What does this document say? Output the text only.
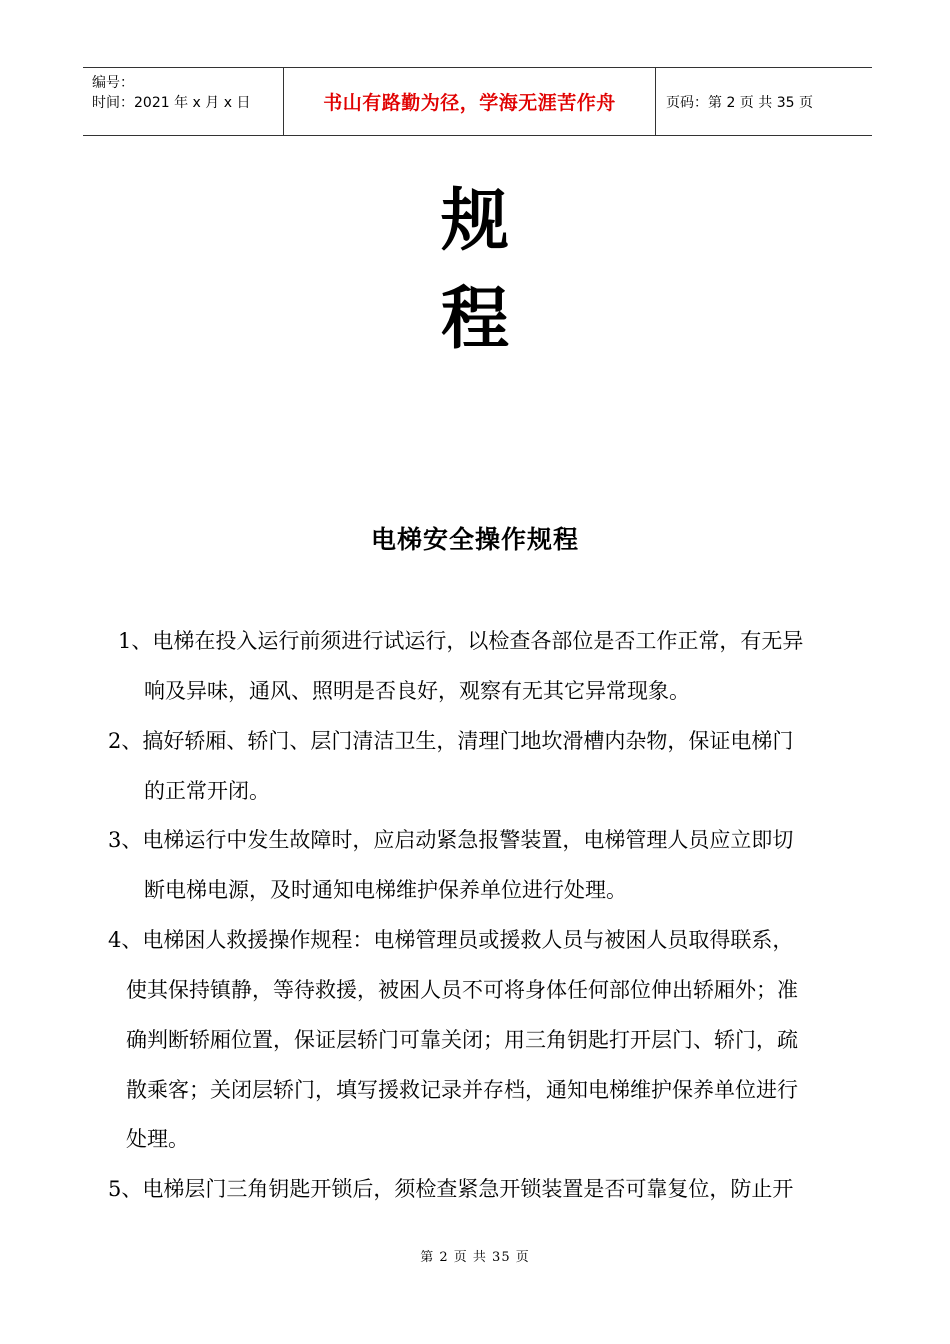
编号：
时间：2021 年 x 月 x 日	书山有路勤为径，学海无涯苦作舟	页码：第 2 页 共 35 页
规
程
电梯安全操作规程
1、电梯在投入运行前须进行试运行，以检查各部位是否工作正常，有无异
响及异味，通风、照明是否良好，观察有无其它异常现象。
2、搞好轿厢、轿门、层门清洁卫生，清理门地坎滑槽内杂物，保证电梯门
的正常开闭。
3、电梯运行中发生故障时，应启动紧急报警装置，电梯管理人员应立即切
断电梯电源，及时通知电梯维护保养单位进行处理。
4、电梯困人救援操作规程：电梯管理员或援救人员与被困人员取得联系，
使其保持镇静，等待救援，被困人员不可将身体任何部位伸出轿厢外；准
确判断轿厢位置，保证层轿门可靠关闭；用三角钥匙打开层门、轿门，疏
散乘客；关闭层轿门，填写援救记录并存档，通知电梯维护保养单位进行
处理。
5、电梯层门三角钥匙开锁后，须检查紧急开锁装置是否可靠复位，防止开
第 2 页 共 35 页
